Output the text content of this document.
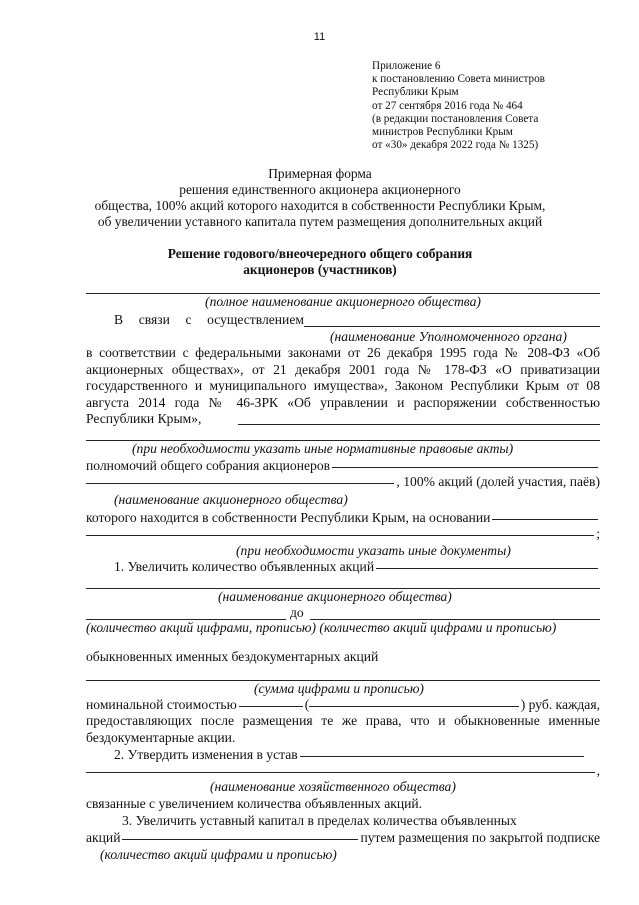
11
Приложение 6
к постановлению Совета министров
Республики Крым
от 27 сентября 2016 года № 464
(в редакции постановления Совета
министров Республики Крым
от «30» декабря 2022 года № 1325)
Примерная форма
решения единственного акционера акционерного
общества, 100% акций которого находится в собственности Республики Крым,
об увеличении уставного капитала путем размещения дополнительных акций
Решение годового/внеочередного общего собрания
акционеров (участников)
(полное наименование акционерного общества)
В связи с осуществлением
(наименование Уполномоченного органа)
в соответствии с федеральными законами от 26 декабря 1995 года № 208-ФЗ «Об акционерных обществах», от 21 декабря 2001 года № 178-ФЗ «О приватизации государственного и муниципального имущества», Законом Республики Крым от 08 августа 2014 года № 46-ЗРК «Об управлении и распоряжении собственностью Республики Крым»,
(при необходимости указать иные нормативные правовые акты)
полномочий общего собрания акционеров
, 100% акций (долей участия, паёв)
(наименование акционерного общества)
которого находится в собственности Республики Крым, на основании
;
(при необходимости указать иные документы)
1. Увеличить количество объявленных акций
(наименование акционерного общества)
до
(количество акций цифрами, прописью) (количество акций цифрами и прописью)
обыкновенных именных бездокументарных акций
(сумма цифрами и прописью)
номинальной стоимостью	(	) руб. каждая,
предоставляющих после размещения те же права, что и обыкновенные именные бездокументарные акции.
2. Утвердить изменения в устав
,
(наименование хозяйственного общества)
связанные с увеличением количества объявленных акций.
3. Увеличить уставный капитал в пределах количества объявленных
акций	путем размещения по закрытой подписке
(количество акций цифрами и прописью)
